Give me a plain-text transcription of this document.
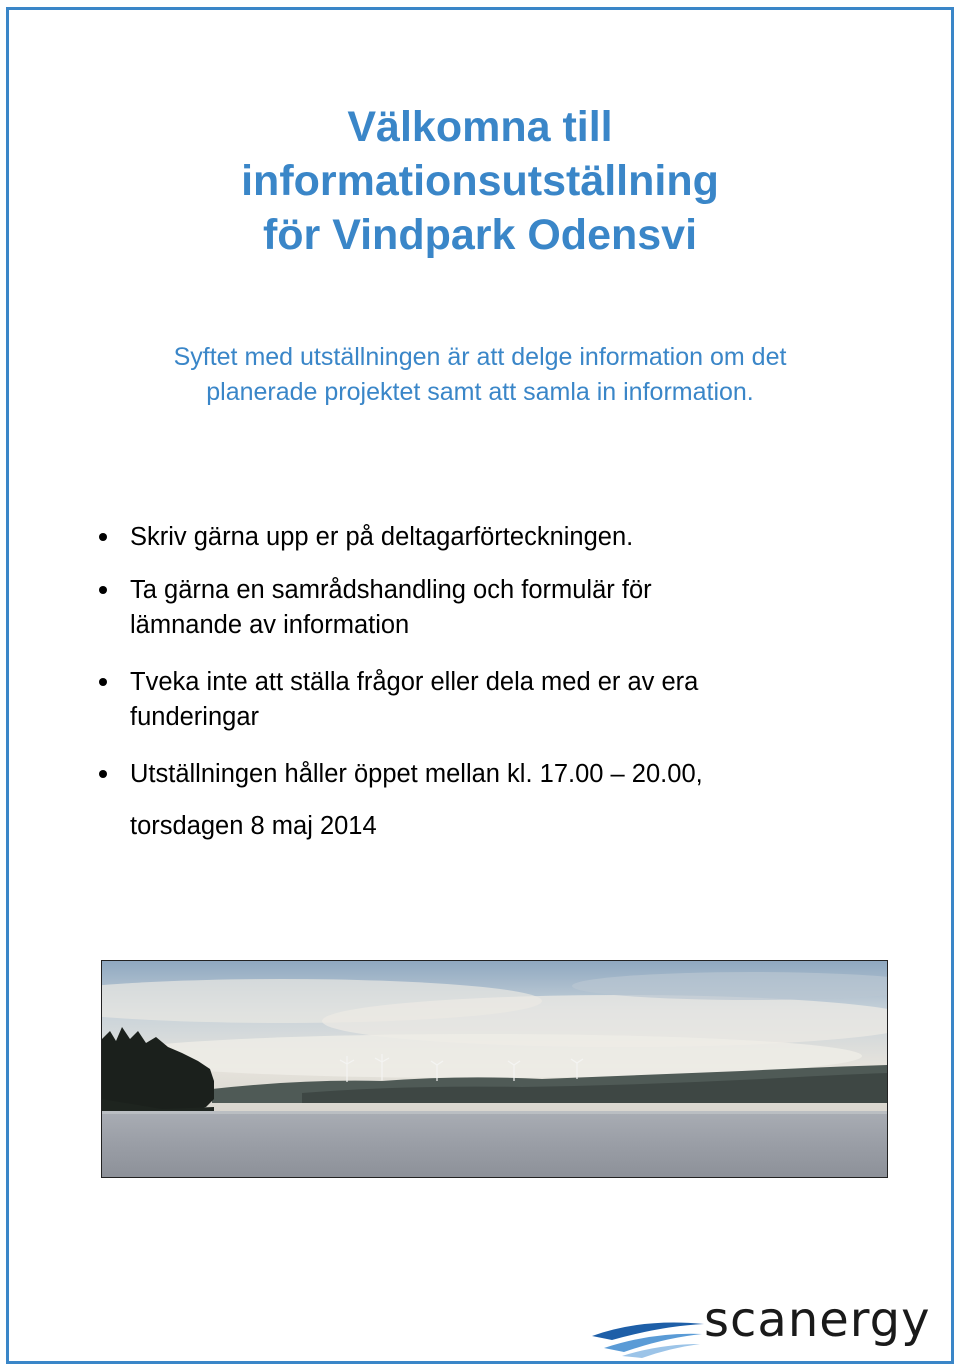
Välkomna till
informationsutställning
för Vindpark Odensvi
Syftet med utställningen är att delge information om det
planerade projektet samt att samla in information.
Skriv gärna upp er på deltagarförteckningen.
Ta gärna en samrådshandling och formulär för
lämnande av information
Tveka inte att ställa frågor eller dela med er av era
funderingar
Utställningen håller öppet mellan kl. 17.00 – 20.00,
torsdagen 8 maj 2014
scanergy
